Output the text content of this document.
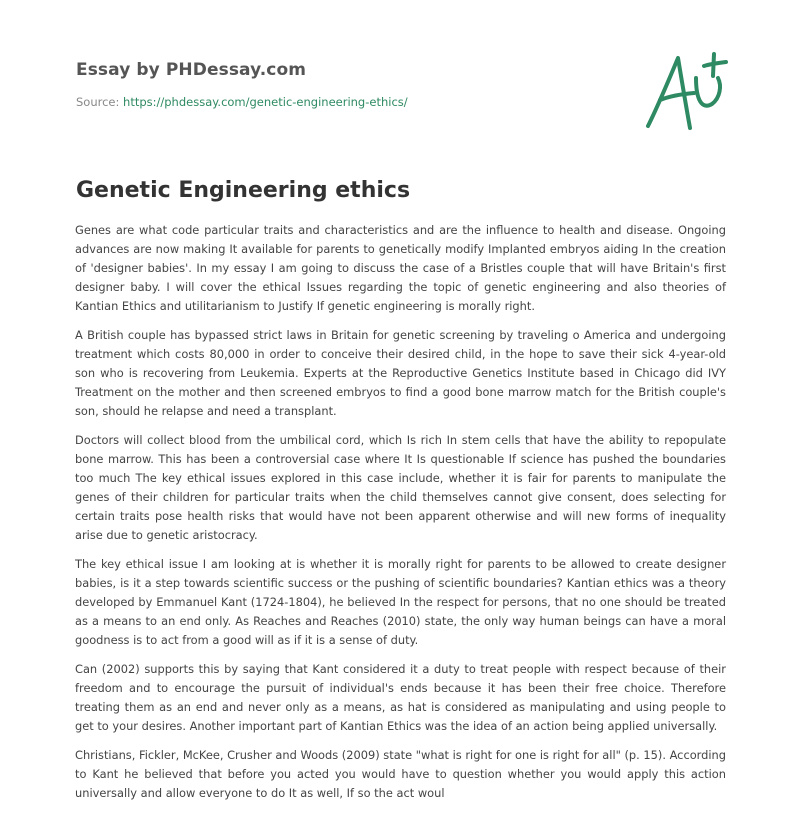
Essay by PHDessay.com
Source: https://phdessay.com/genetic-engineering-ethics/
Genetic Engineering ethics

Genes are what code particular traits and characteristics and are the influence to health and disease. Ongoing advances are now making It available for parents to genetically modify Implanted embryos aiding In the creation of 'designer babies'. In my essay I am going to discuss the case of a Bristles couple that will have Britain's first designer baby. I will cover the ethical Issues regarding the topic of genetic engineering and also theories of Kantian Ethics and utilitarianism to Justify If genetic engineering is morally right.

A British couple has bypassed strict laws in Britain for genetic screening by traveling o America and undergoing treatment which costs 80,000 in order to conceive their desired child, in the hope to save their sick 4-year-old son who is recovering from Leukemia. Experts at the Reproductive Genetics Institute based in Chicago did IVY Treatment on the mother and then screened embryos to find a good bone marrow match for the British couple's son, should he relapse and need a transplant.

Doctors will collect blood from the umbilical cord, which Is rich In stem cells that have the ability to repopulate bone marrow. This has been a controversial case where It Is questionable If science has pushed the boundaries too much The key ethical issues explored in this case include, whether it is fair for parents to manipulate the genes of their children for particular traits when the child themselves cannot give consent, does selecting for certain traits pose health risks that would have not been apparent otherwise and will new forms of inequality arise due to genetic aristocracy.

The key ethical issue I am looking at is whether it is morally right for parents to be allowed to create designer babies, is it a step towards scientific success or the pushing of scientific boundaries? Kantian ethics was a theory developed by Emmanuel Kant (1724-1804), he believed In the respect for persons, that no one should be treated as a means to an end only. As Reaches and Reaches (2010) state, the only way human beings can have a moral goodness is to act from a good will as if it is a sense of duty.

Can (2002) supports this by saying that Kant considered it a duty to treat people with respect because of their freedom and to encourage the pursuit of individual's ends because it has been their free choice. Therefore treating them as an end and never only as a means, as hat is considered as manipulating and using people to get to your desires. Another important part of Kantian Ethics was the idea of an action being applied universally.

Christians, Fickler, McKee, Crusher and Woods (2009) state "what is right for one is right for all" (p. 15). According to Kant he believed that before you acted you would have to question whether you would apply this action universally and allow everyone to do It as well, If so the act woul
